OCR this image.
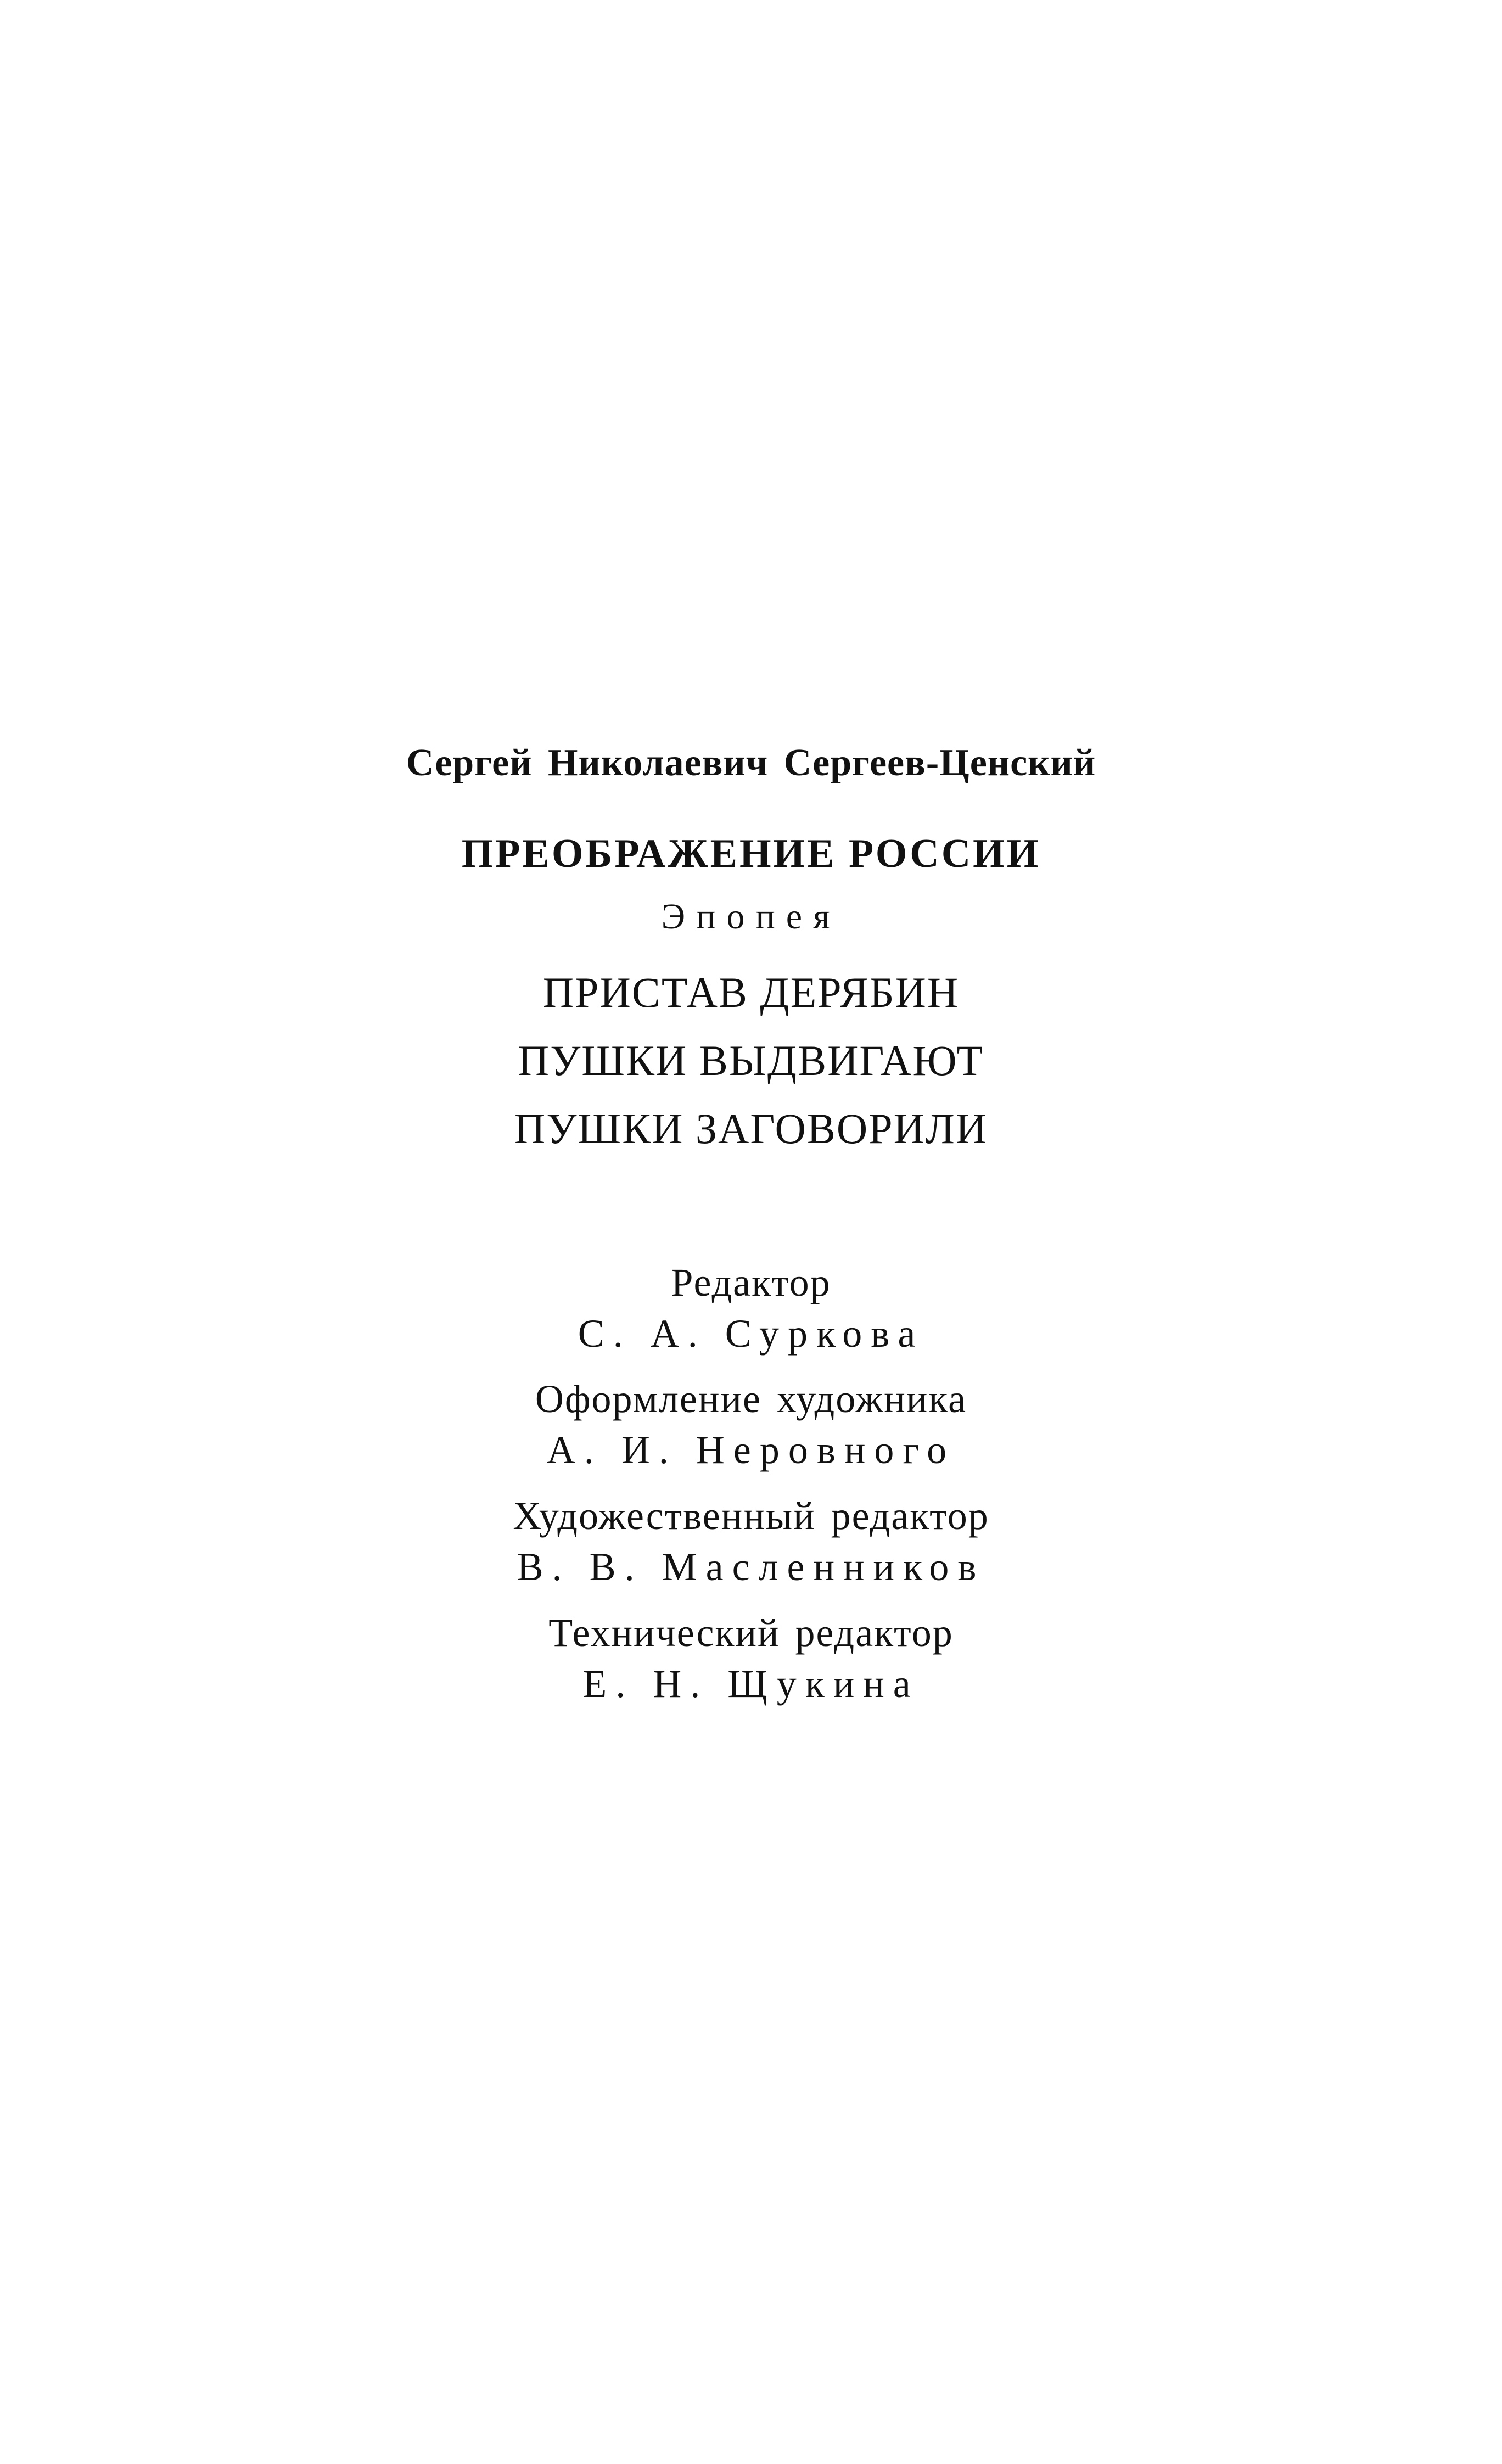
Сергей Николаевич Сергеев-Ценский
ПРЕОБРАЖЕНИЕ РОССИИ
Эпопея
ПРИСТАВ ДЕРЯБИН
ПУШКИ ВЫДВИГАЮТ
ПУШКИ ЗАГОВОРИЛИ
Редактор
С. А. Суркова
Оформление художника
А. И. Неровного
Художественный редактор
В. В. Масленников
Технический редактор
Е. Н. Щукина
